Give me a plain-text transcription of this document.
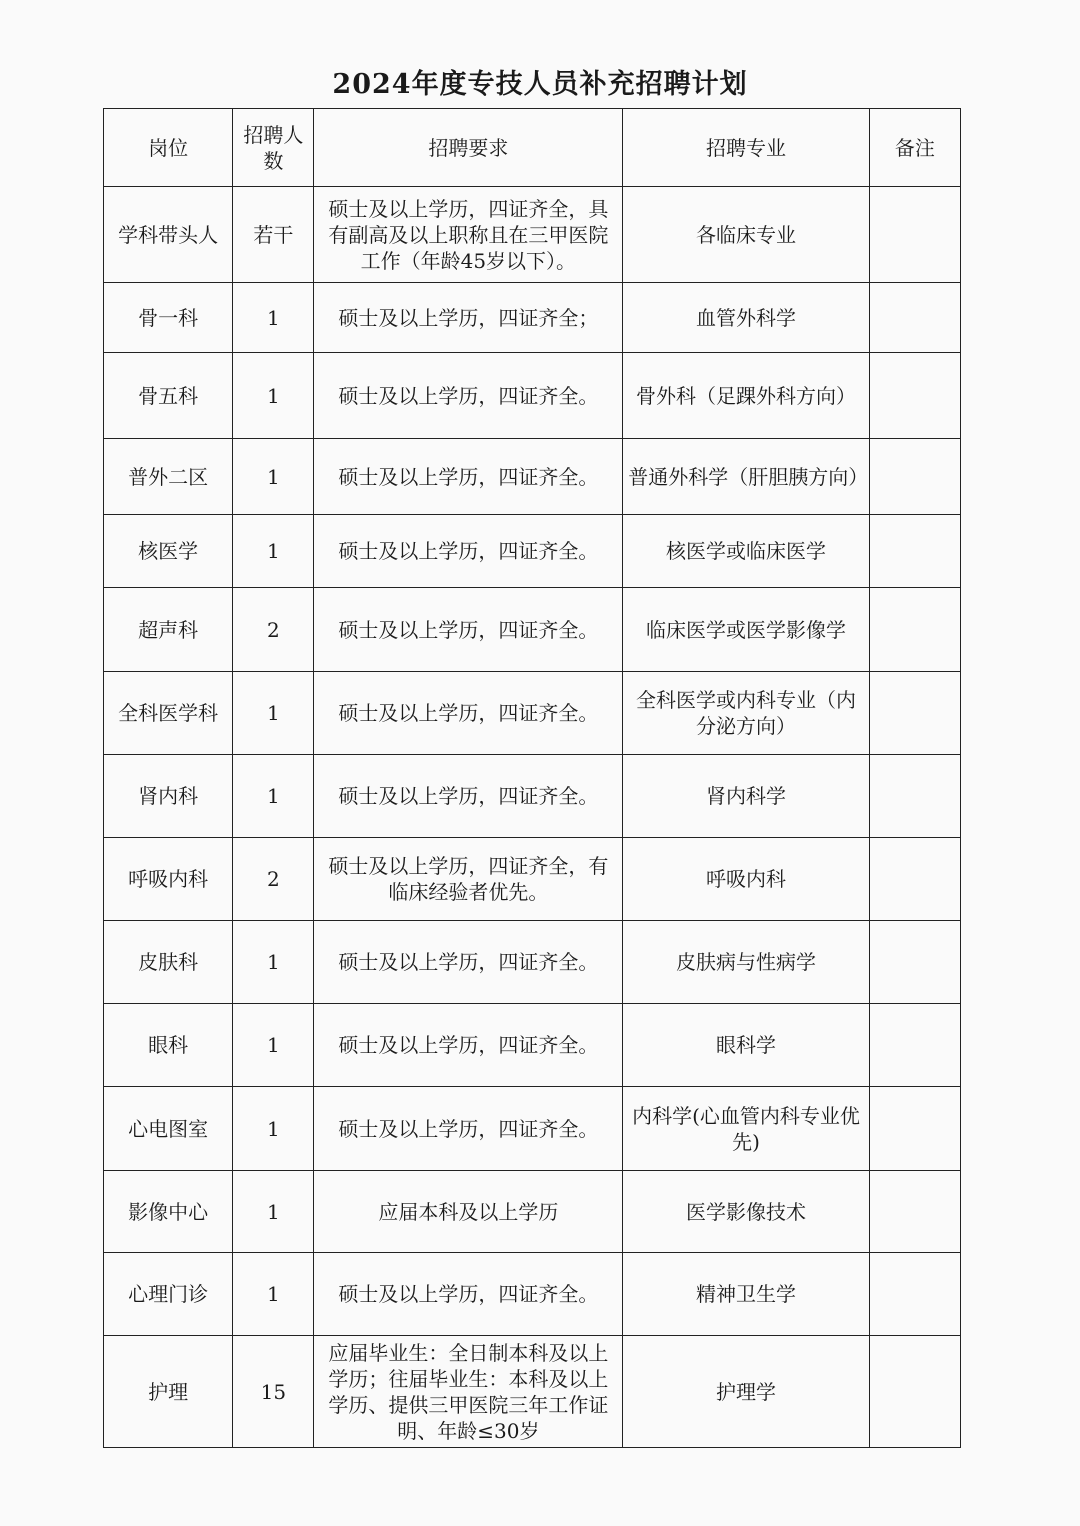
2024年度专技人员补充招聘计划
岗位	招聘人数	招聘要求	招聘专业	备注
学科带头人	若干	硕士及以上学历，四证齐全，具有副高及以上职称且在三甲医院工作（年龄45岁以下）。	各临床专业	
骨一科	1	硕士及以上学历，四证齐全；	血管外科学	
骨五科	1	硕士及以上学历，四证齐全。	骨外科（足踝外科方向）	
普外二区	1	硕士及以上学历，四证齐全。	普通外科学（肝胆胰方向）	
核医学	1	硕士及以上学历，四证齐全。	核医学或临床医学	
超声科	2	硕士及以上学历，四证齐全。	临床医学或医学影像学	
全科医学科	1	硕士及以上学历，四证齐全。	全科医学或内科专业（内分泌方向）	
肾内科	1	硕士及以上学历，四证齐全。	肾内科学	
呼吸内科	2	硕士及以上学历，四证齐全，有临床经验者优先。	呼吸内科	
皮肤科	1	硕士及以上学历，四证齐全。	皮肤病与性病学	
眼科	1	硕士及以上学历，四证齐全。	眼科学	
心电图室	1	硕士及以上学历，四证齐全。	内科学(心血管内科专业优先)	
影像中心	1	应届本科及以上学历	医学影像技术	
心理门诊	1	硕士及以上学历，四证齐全。	精神卫生学	
护理	15	应届毕业生：全日制本科及以上学历；往届毕业生：本科及以上学历、提供三甲医院三年工作证明、年龄≤30岁	护理学	
